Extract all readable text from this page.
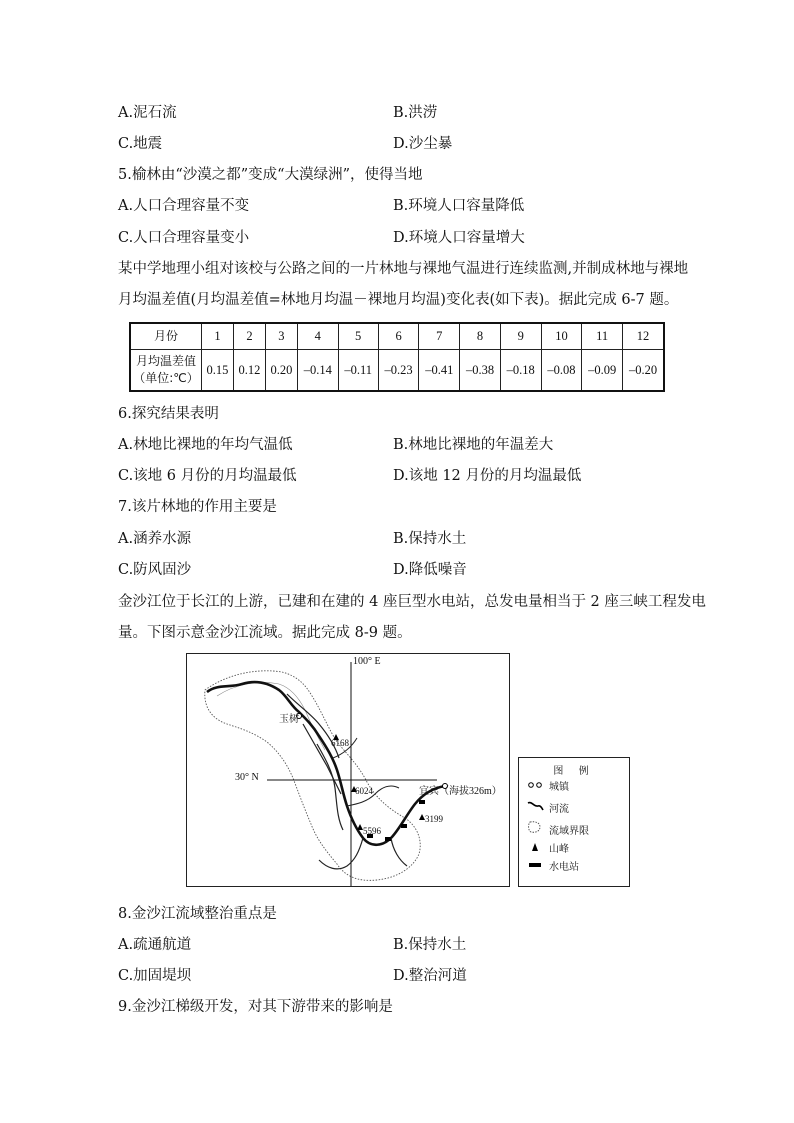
A.泥石流	B.洪涝
C.地震	D.沙尘暴
5.榆林由“沙漠之都”变成“大漠绿洲”，使得当地
A.人口合理容量不变	B.环境人口容量降低
C.人口合理容量变小	D.环境人口容量增大
某中学地理小组对该校与公路之间的一片林地与裸地气温进行连续监测,并制成林地与裸地
月均温差值(月均温差值=林地月均温－裸地月均温)变化表(如下表)。据此完成 6-7 题。
月份	1	2	3	4	5	6	7	8	9	10	11	12
月均温差值
（单位:℃）	0.15	0.12	0.20	–0.14	–0.11	–0.23	–0.41	–0.38	–0.18	–0.08	–0.09	–0.20
6.探究结果表明
A.林地比裸地的年均气温低	B.林地比裸地的年温差大
C.该地 6 月份的月均温最低	D.该地 12 月份的月均温最低
7.该片林地的作用主要是
A.涵养水源	B.保持水土
C.防风固沙	D.降低噪音
金沙江位于长江的上游，已建和在建的 4 座巨型水电站，总发电量相当于 2 座三峡工程发电
量。下图示意金沙江流域。据此完成 8-9 题。
100° E
30° N
玉树
宜宾（海拔326m）
6168
6024
5596
3199
图 例
城镇
河流
流域界限
山峰
水电站
8.金沙江流域整治重点是
A.疏通航道	B.保持水土
C.加固堤坝	D.整治河道
9.金沙江梯级开发，对其下游带来的影响是
